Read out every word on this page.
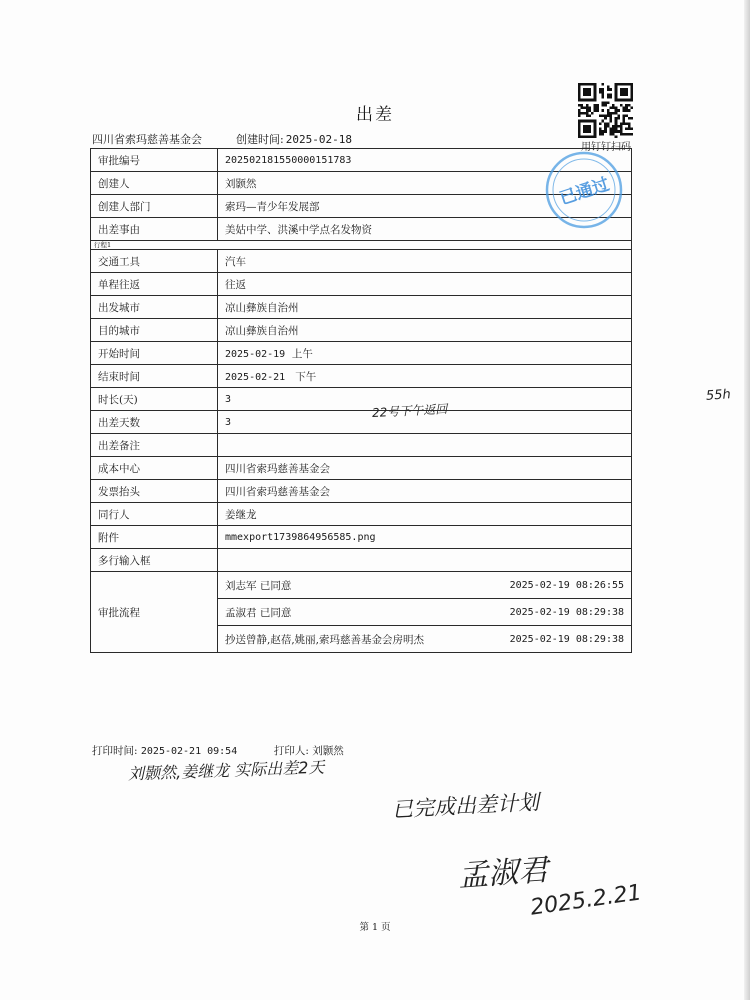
出差
四川省索玛慈善基金会	创建时间: 2025-02-18
用钉钉扫码
审批编号	202502181550000151783
创建人	刘颢然
创建人部门	索玛—青少年发展部
出差事由	美姑中学、洪溪中学点名发物资
行程1	
交通工具	汽车
单程往返	往返
出发城市	凉山彝族自治州
目的城市	凉山彝族自治州
开始时间	2025-02-19 上午
结束时间	2025-02-21 下午
时长(天)	3
出差天数	3
出差备注	
成本中心	四川省索玛慈善基金会
发票抬头	四川省索玛慈善基金会
同行人	姜继龙
附件	mmexport1739864956585.png
多行输入框	
审批流程	刘志军 已同意 2025-02-19 08:26:55

	孟淑君 已同意 2025-02-19 08:29:38

	抄送曾静,赵蓓,姚丽,索玛慈善基金会房明杰 2025-02-19 08:29:38
已通过
打印时间: 2025-02-21 09:54	打印人: 刘颢然
55h
22号下午返回
刘颢然,姜继龙 实际出差2天
已完成出差计划
孟淑君
2025.2.21
第 1 页
